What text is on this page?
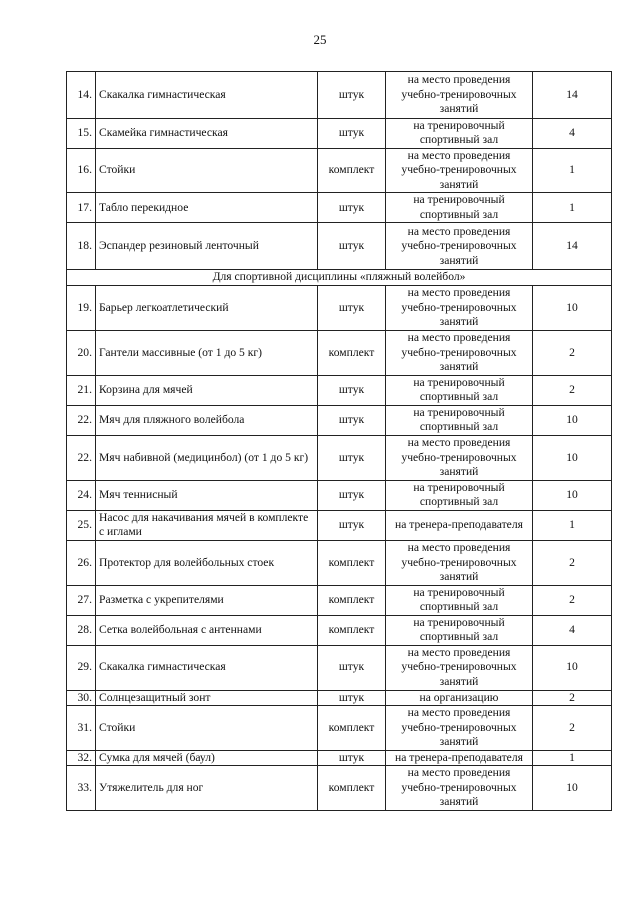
25
14.	Скакалка гимнастическая	штук	на место проведения учебно-тренировочных занятий	14
15.	Скамейка гимнастическая	штук	на тренировочный спортивный зал	4
16.	Стойки	комплект	на место проведения учебно-тренировочных занятий	1
17.	Табло перекидное	штук	на тренировочный спортивный зал	1
18.	Эспандер резиновый ленточный	штук	на место проведения учебно-тренировочных занятий	14
Для спортивной дисциплины «пляжный волейбол»				
19.	Барьер легкоатлетический	штук	на место проведения учебно-тренировочных занятий	10
20.	Гантели массивные (от 1 до 5 кг)	комплект	на место проведения учебно-тренировочных занятий	2
21.	Корзина для мячей	штук	на тренировочный спортивный зал	2
22.	Мяч для пляжного волейбола	штук	на тренировочный спортивный зал	10
22.	Мяч набивной (медицинбол) (от 1 до 5 кг)	штук	на место проведения учебно-тренировочных занятий	10
24.	Мяч теннисный	штук	на тренировочный спортивный зал	10
25.	Насос для накачивания мячей в комплекте с иглами	штук	на тренера-преподавателя	1
26.	Протектор для волейбольных стоек	комплект	на место проведения учебно-тренировочных занятий	2
27.	Разметка с укрепителями	комплект	на тренировочный спортивный зал	2
28.	Сетка волейбольная с антеннами	комплект	на тренировочный спортивный зал	4
29.	Скакалка гимнастическая	штук	на место проведения учебно-тренировочных занятий	10
30.	Солнцезащитный зонт	штук	на организацию	2
31.	Стойки	комплект	на место проведения учебно-тренировочных занятий	2
32.	Сумка для мячей (баул)	штук	на тренера-преподавателя	1
33.	Утяжелитель для ног	комплект	на место проведения учебно-тренировочных занятий	10
